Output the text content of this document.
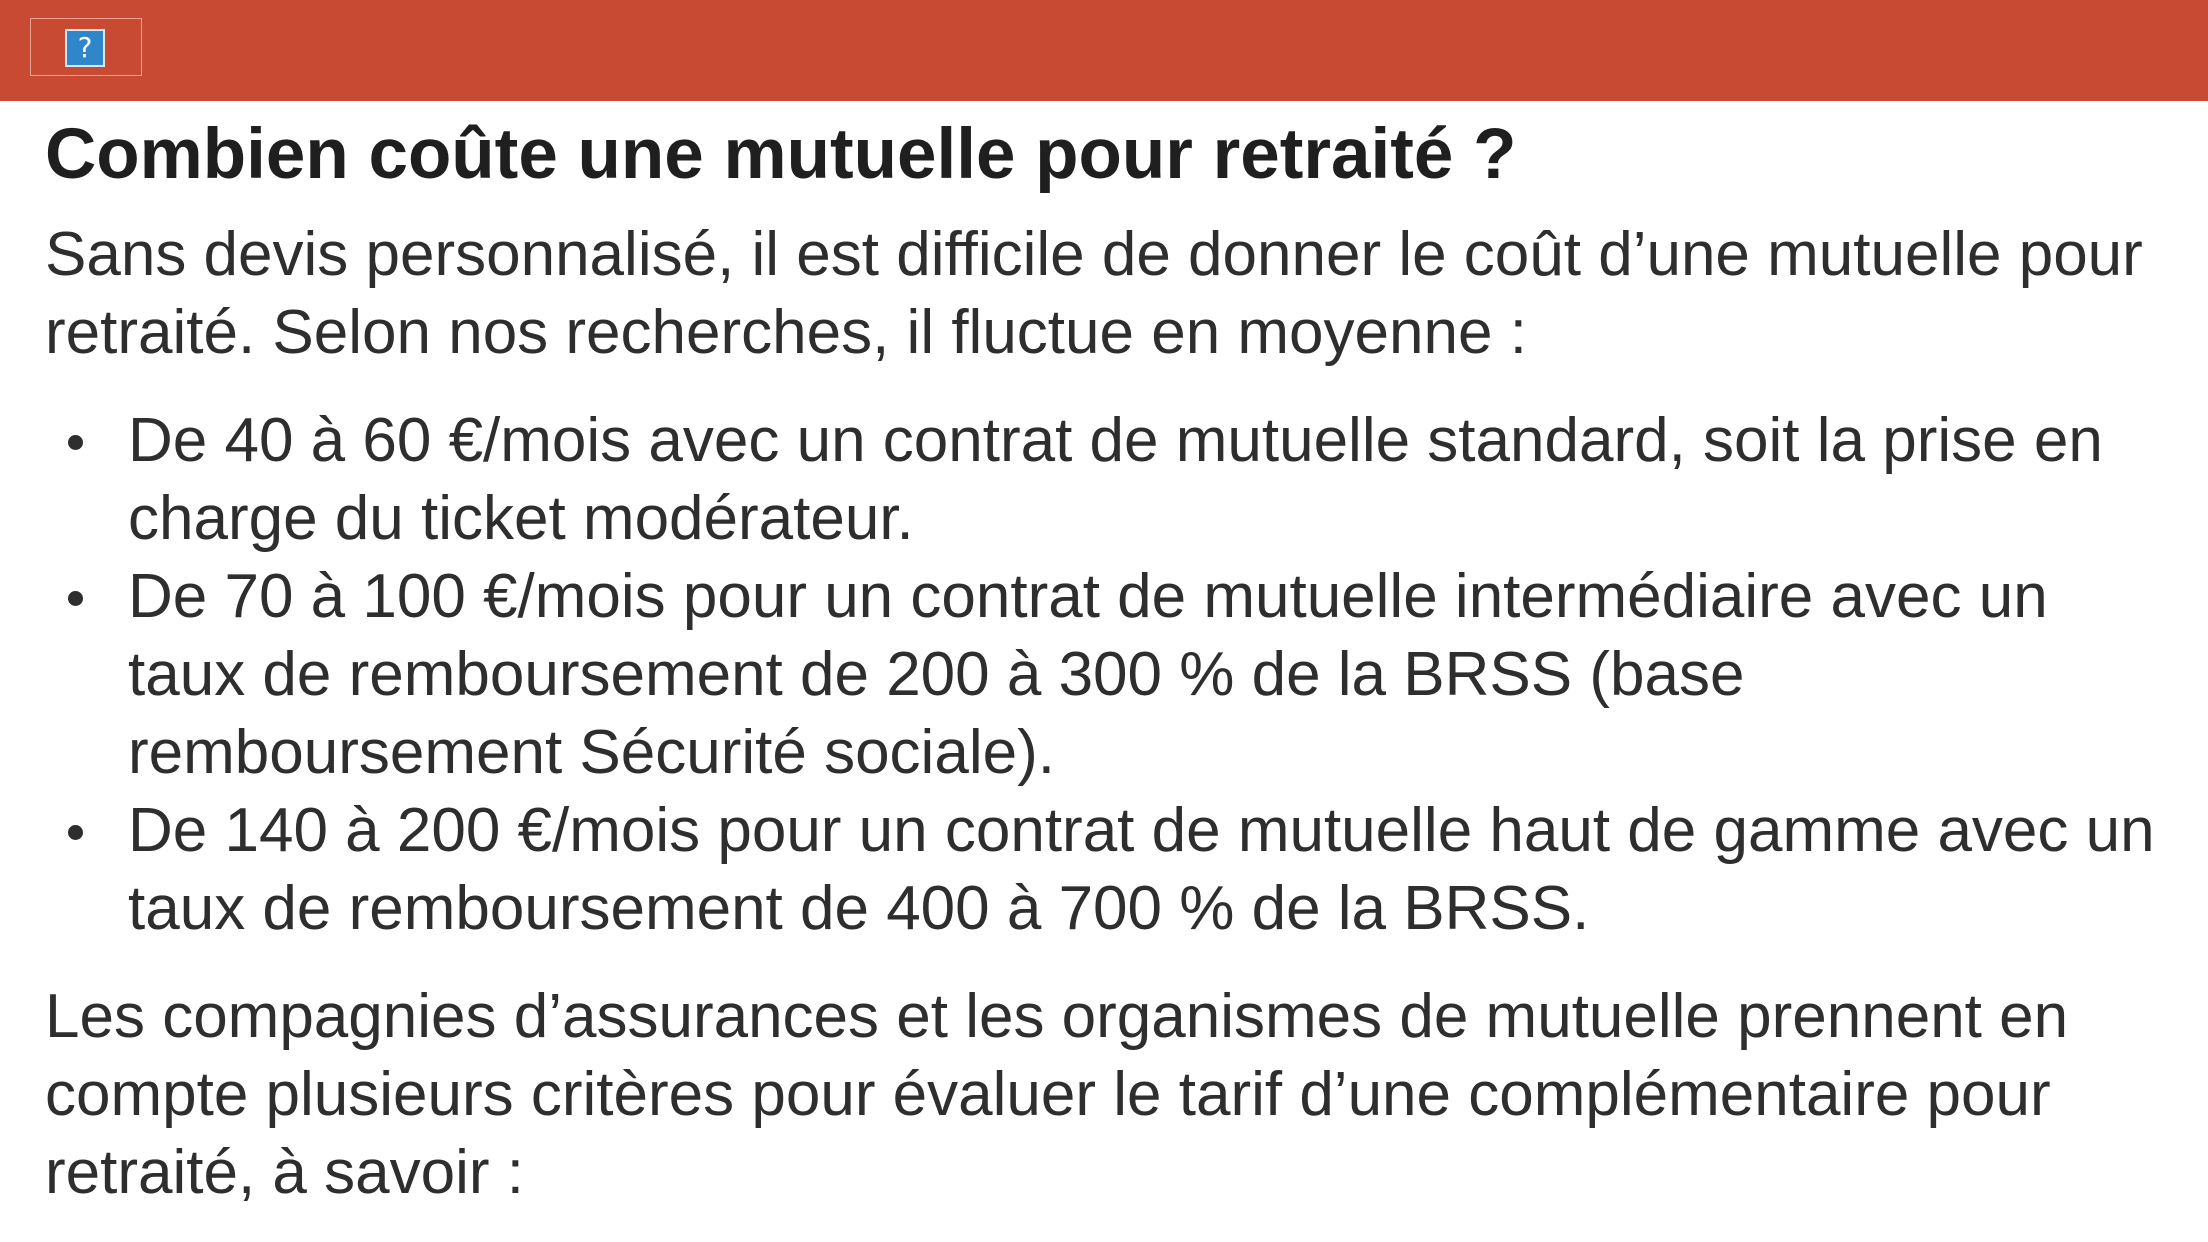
?
Combien coûte une mutuelle pour retraité ?

Sans devis personnalisé, il est difficile de donner le coût d’une mutuelle pour retraité. Selon nos recherches, il fluctue en moyenne :

De 40 à 60 €/mois avec un contrat de mutuelle standard, soit la prise en charge du ticket modérateur.
De 70 à 100 €/mois pour un contrat de mutuelle intermédiaire avec un taux de remboursement de 200 à 300 % de la BRSS (base remboursement Sécurité sociale).
De 140 à 200 €/mois pour un contrat de mutuelle haut de gamme avec un taux de remboursement de 400 à 700 % de la BRSS.

Les compagnies d’assurances et les organismes de mutuelle prennent en compte plusieurs critères pour évaluer le tarif d’une complémentaire pour retraité, à savoir :
